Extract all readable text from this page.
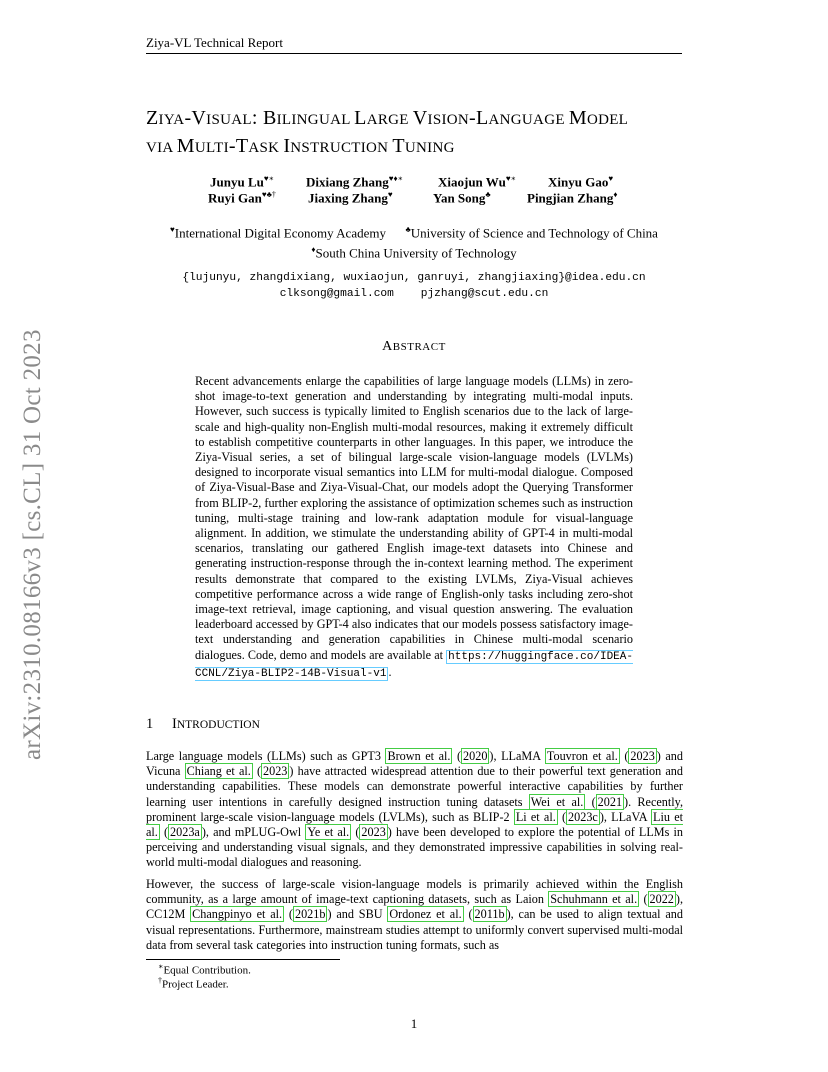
arXiv:2310.08166v3 [cs.CL] 31 Oct 2023
Ziya-VL Technical Report
ZIYA-VISUAL: BILINGUAL LARGE VISION-LANGUAGE MODEL
VIA MULTI-TASK INSTRUCTION TUNING
Junyu Lu♥∗ Dixiang Zhang♥♦∗	Xiaojun Wu♥∗ Xinyu Gao♥
Ruyi Gan♥♣† Jiaxing Zhang♥	Yan Song♣	Pingjian Zhang♦
♥International Digital Economy Academy ♣University of Science and Technology of China
♦South China University of Technology
{lujunyu, zhangdixiang, wuxiaojun, ganruyi, zhangjiaxing}@idea.edu.cn
clksong@gmail.com pjzhang@scut.edu.cn
ABSTRACT
Recent advancements enlarge the capabilities of large language models (LLMs) in zero-shot image-to-text generation and understanding by integrating multi-modal inputs. However, such success is typically limited to English scenarios due to the lack of large-scale and high-quality non-English multi-modal resources, making it extremely difficult to establish competitive counterparts in other languages. In this paper, we introduce the Ziya-Visual series, a set of bilingual large-scale vision-language models (LVLMs) designed to incorporate visual semantics into LLM for multi-modal dialogue. Composed of Ziya-Visual-Base and Ziya-Visual-Chat, our models adopt the Querying Transformer from BLIP-2, further exploring the assistance of optimization schemes such as instruction tuning, multi-stage training and low-rank adaptation module for visual-language alignment. In addition, we stimulate the understanding ability of GPT-4 in multi-modal scenarios, translating our gathered English image-text datasets into Chinese and generating instruction-response through the in-context learning method. The experiment results demonstrate that compared to the existing LVLMs, Ziya-Visual achieves competitive performance across a wide range of English-only tasks including zero-shot image-text retrieval, image captioning, and visual question answering. The evaluation leaderboard accessed by GPT-4 also indicates that our models possess satisfactory image-text understanding and generation capabilities in Chinese multi-modal scenario dialogues. Code, demo and models are available at https://huggingface.co/IDEA-CCNL/Ziya-BLIP2-14B-Visual-v1 .
1 INTRODUCTION
Large language models (LLMs) such as GPT3 Brown et al. ( 2020 ), LLaMA Touvron et al. ( 2023 ) and Vicuna Chiang et al. ( 2023 ) have attracted widespread attention due to their powerful text generation and understanding capabilities. These models can demonstrate powerful interactive capabilities by further learning user intentions in carefully designed instruction tuning datasets Wei et al. ( 2021 ). Recently, prominent large-scale vision-language models (LVLMs), such as BLIP-2 Li et al. ( 2023c ), LLaVA Liu et al. ( 2023a ), and mPLUG-Owl Ye et al. ( 2023 ) have been developed to explore the potential of LLMs in perceiving and understanding visual signals, and they demonstrated impressive capabilities in solving real-world multi-modal dialogues and reasoning.
However, the success of large-scale vision-language models is primarily achieved within the English community, as a large amount of image-text captioning datasets, such as Laion Schuhmann et al. ( 2022 ), CC12M Changpinyo et al. ( 2021b ) and SBU Ordonez et al. ( 2011b ), can be used to align textual and visual representations. Furthermore, mainstream studies attempt to uniformly convert supervised multi-modal data from several task categories into instruction tuning formats, such as
∗Equal Contribution.
†Project Leader.
1
